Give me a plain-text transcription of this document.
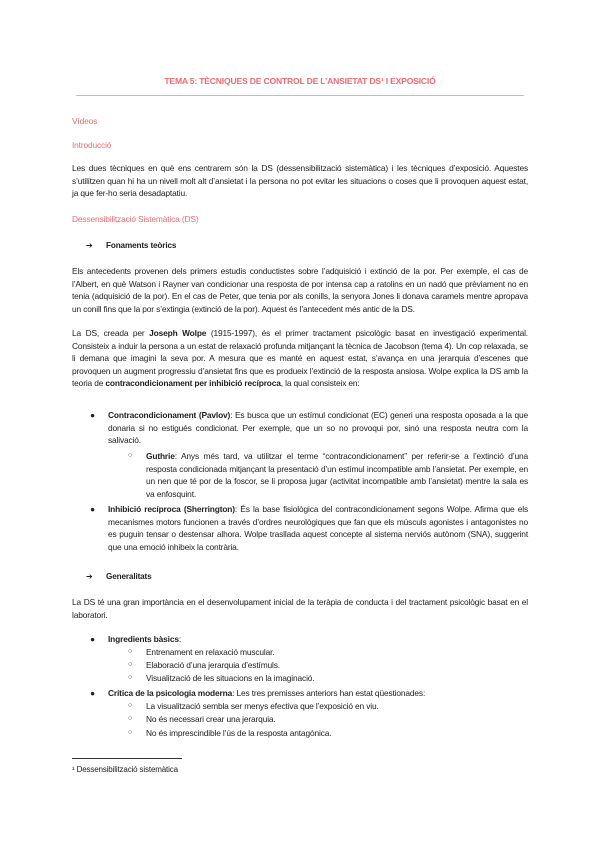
TEMA 5: TÈCNIQUES DE CONTROL DE L’ANSIETAT DS¹ I EXPOSICIÓ
Vídeos
Introducció

Les dues tècniques en què ens centrarem són la DS (dessensibilització sistemàtica) i les tècniques d’exposició. Aquestes s’utilitzen quan hi ha un nivell molt alt d’ansietat i la persona no pot evitar les situacions o coses que li provoquen aquest estat, ja que fer-ho seria desadaptatiu.

Dessensibilització Sistemàtica (DS)
➔ Fonaments teòrics

Els antecedents provenen dels primers estudis conductistes sobre l’adquisició i extinció de la por. Per exemple, el cas de l’Albert, en què Watson i Rayner van condicionar una resposta de por intensa cap a ratolins en un nadó que prèviament no en tenia (adquisició de la por). En el cas de Peter, que tenia por als conills, la senyora Jones li donava caramels mentre apropava un conill fins que la por s’extingia (extinció de la por). Aquest és l’antecedent més antic de la DS.

La DS, creada per Joseph Wolpe (1915-1997), és el primer tractament psicològic basat en investigació experimental. Consisteix a induir la persona a un estat de relaxació profunda mitjançant la tècnica de Jacobson (tema 4). Un cop relaxada, se li demana que imagini la seva por. A mesura que es manté en aquest estat, s’avança en una jerarquia d’escenes que provoquen un augment progressiu d’ansietat fins que es produeix l’extinció de la resposta ansiosa. Wolpe explica la DS amb la teoria de contracondicionament per inhibició recíproca, la qual consisteix en:

● Contracondicionament (Pavlov): Es busca que un estímul condicionat (EC) generi una resposta oposada a la que donaria si no estigués condicionat. Per exemple, que un so no provoqui por, sinó una resposta neutra com la salivació.

○ Guthrie: Anys més tard, va utilitzar el terme “contracondicionament” per referir-se a l’extinció d’una resposta condicionada mitjançant la presentació d’un estímul incompatible amb l’ansietat. Per exemple, en un nen que té por de la foscor, se li proposa jugar (activitat incompatible amb l’ansietat) mentre la sala es va enfosquint.

● Inhibició recíproca (Sherrington): És la base fisiològica del contracondicionament segons Wolpe. Afirma que els mecanismes motors funcionen a través d’ordres neurològiques que fan que els músculs agonistes i antagonistes no es puguin tensar o destensar alhora. Wolpe trasllada aquest concepte al sistema nerviós autònom (SNA), suggerint que una emoció inhibeix la contrària.

➔ Generalitats

La DS té una gran importància en el desenvolupament inicial de la teràpia de conducta i del tractament psicològic basat en el laboratori.

● Ingredients bàsics:

○ Entrenament en relaxació muscular.

○ Elaboració d’una jerarquia d’estímuls.

○ Visualització de les situacions en la imaginació.

● Crítica de la psicologia moderna: Les tres premisses anteriors han estat qüestionades:

○ La visualització sembla ser menys efectiva que l’exposició en viu.

○ No és necessari crear una jerarquia.

○ No és imprescindible l’ús de la resposta antagònica.

¹ Dessensibilització sistemàtica
